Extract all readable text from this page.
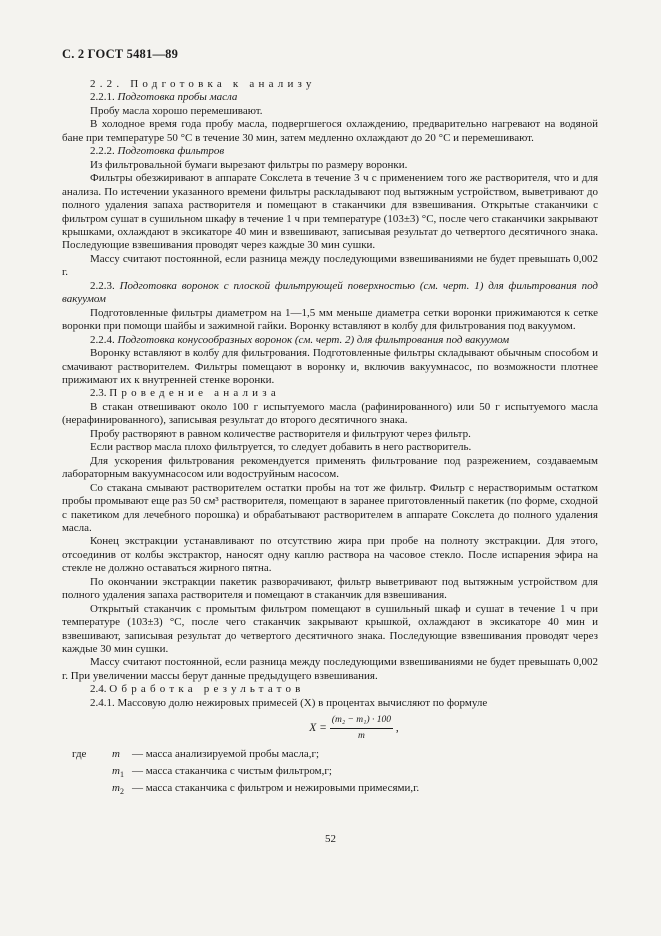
С. 2 ГОСТ 5481—89

2.2. Подготовка к анализу

2.2.1. Подготовка пробы масла

Пробу масла хорошо перемешивают.

В холодное время года пробу масла, подвергшегося охлаждению, предварительно нагревают на водяной бане при температуре 50 °С в течение 30 мин, затем медленно охлаждают до 20 °С и перемешивают.

2.2.2. Подготовка фильтров

Из фильтровальной бумаги вырезают фильтры по размеру воронки.

Фильтры обезжиривают в аппарате Сокслета в течение 3 ч с применением того же растворителя, что и для анализа. По истечении указанного времени фильтры раскладывают под вытяжным устройством, выветривают до полного удаления запаха растворителя и помещают в стаканчики для взвешивания. Открытые стаканчики с фильтром сушат в сушильном шкафу в течение 1 ч при температуре (103±3) °С, после чего стаканчики закрывают крышками, охлаждают в эксикаторе 40 мин и взвешивают, записывая результат до четвертого десятичного знака. Последующие взвешивания проводят через каждые 30 мин сушки.

Массу считают постоянной, если разница между последующими взвешиваниями не будет превышать 0,002 г.

2.2.3. Подготовка воронок с плоской фильтрующей поверхностью (см. черт. 1) для фильтрования под вакуумом

Подготовленные фильтры диаметром на 1—1,5 мм меньше диаметра сетки воронки прижимаются к сетке воронки при помощи шайбы и зажимной гайки. Воронку вставляют в колбу для фильтрования под вакуумом.

2.2.4. Подготовка конусообразных воронок (см. черт. 2) для фильтрования под вакуумом

Воронку вставляют в колбу для фильтрования. Подготовленные фильтры складывают обычным способом и смачивают растворителем. Фильтры помещают в воронку и, включив вакуумнасос, по возможности плотнее прижимают их к внутренней стенке воронки.

2.3. Проведение анализа

В стакан отвешивают около 100 г испытуемого масла (рафинированного) или 50 г испытуемого масла (нерафинированного), записывая результат до второго десятичного знака.

Пробу растворяют в равном количестве растворителя и фильтруют через фильтр.

Если раствор масла плохо фильтруется, то следует добавить в него растворитель.

Для ускорения фильтрования рекомендуется применять фильтрование под разрежением, создаваемым лабораторным вакуумнасосом или водоструйным насосом.

Со стакана смывают растворителем остатки пробы на тот же фильтр. Фильтр с нерастворимым остатком пробы промывают еще раз 50 см³ растворителя, помещают в заранее приготовленный пакетик (по форме, сходной с пакетиком для лечебного порошка) и обрабатывают растворителем в аппарате Сокслета до полного удаления масла.

Конец экстракции устанавливают по отсутствию жира при пробе на полноту экстракции. Для этого, отсоединив от колбы экстрактор, наносят одну каплю раствора на часовое стекло. После испарения эфира на стекле не должно оставаться жирного пятна.

По окончании экстракции пакетик разворачивают, фильтр выветривают под вытяжным устройством для полного удаления запаха растворителя и помещают в стаканчик для взвешивания.

Открытый стаканчик с промытым фильтром помещают в сушильный шкаф и сушат в течение 1 ч при температуре (103±3) °С, после чего стаканчик закрывают крышкой, охлаждают в эксикаторе 40 мин и взвешивают, записывая результат до четвертого десятичного знака. Последующие взвешивания проводят через каждые 30 мин сушки.

Массу считают постоянной, если разница между последующими взвешиваниями не будет превышать 0,002 г. При увеличении массы берут данные предыдущего взвешивания.

2.4. Обработка результатов

2.4.1. Массовую долю нежировых примесей (X) в процентах вычисляют по формуле

$X = \frac{\text{(m₂ − m₁) · 100}}{m}$ ,
где	m	— масса анализируемой пробы масла,г;
$m_1$ — масса стаканчика с чистым фильтром,г;
$m_2$ — масса стаканчика с фильтром и нежировыми примесями,г.
52
